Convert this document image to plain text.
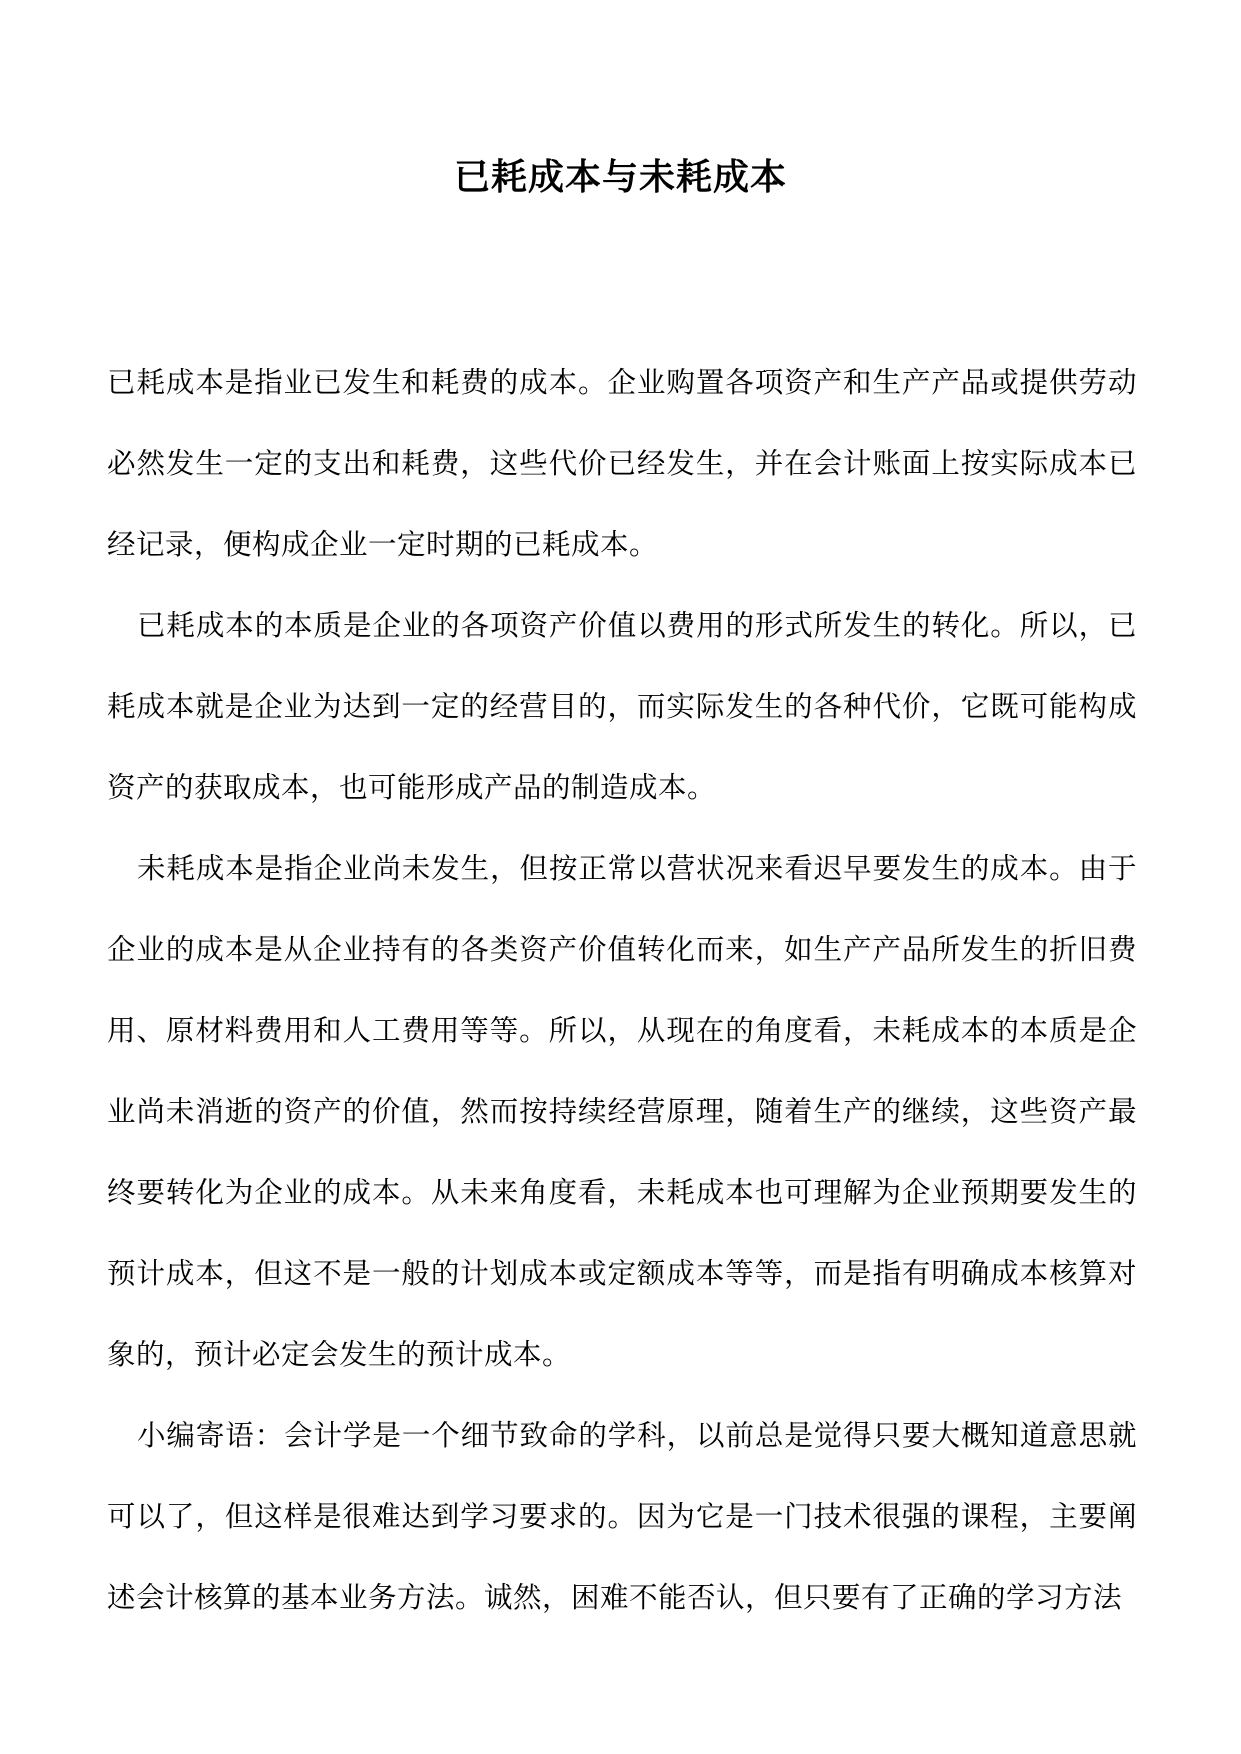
已耗成本与未耗成本

已耗成本是指业已发生和耗费的成本。企业购置各项资产和生产产品或提供劳动必然发生一定的支出和耗费，这些代价已经发生，并在会计账面上按实际成本已经记录，便构成企业一定时期的已耗成本。

已耗成本的本质是企业的各项资产价值以费用的形式所发生的转化。所以，已耗成本就是企业为达到一定的经营目的，而实际发生的各种代价，它既可能构成资产的获取成本，也可能形成产品的制造成本。

未耗成本是指企业尚未发生，但按正常以营状况来看迟早要发生的成本。由于企业的成本是从企业持有的各类资产价值转化而来，如生产产品所发生的折旧费用、原材料费用和人工费用等等。所以，从现在的角度看，未耗成本的本质是企业尚未消逝的资产的价值，然而按持续经营原理，随着生产的继续，这些资产最终要转化为企业的成本。从未来角度看，未耗成本也可理解为企业预期要发生的预计成本，但这不是一般的计划成本或定额成本等等，而是指有明确成本核算对象的，预计必定会发生的预计成本。

小编寄语：会计学是一个细节致命的学科，以前总是觉得只要大概知道意思就可以了，但这样是很难达到学习要求的。因为它是一门技术很强的课程，主要阐述会计核算的基本业务方法。诚然，困难不能否认，但只要有了正确的学习方法
